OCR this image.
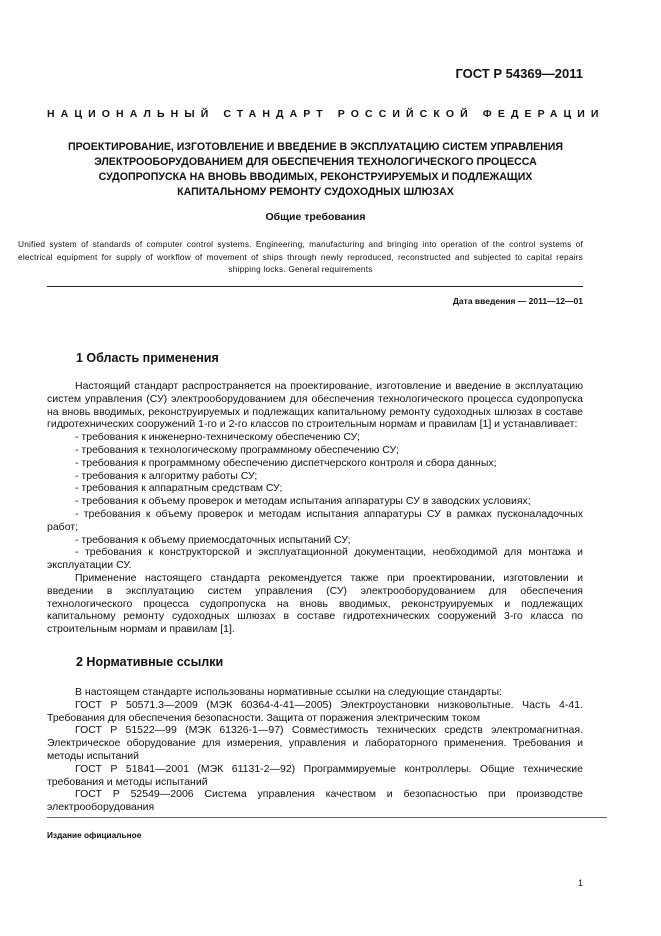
ГОСТ Р 54369—2011
НАЦИОНАЛЬНЫЙ СТАНДАРТ РОССИЙСКОЙ ФЕДЕРАЦИИ
ПРОЕКТИРОВАНИЕ, ИЗГОТОВЛЕНИЕ И ВВЕДЕНИЕ В ЭКСПЛУАТАЦИЮ СИСТЕМ УПРАВЛЕНИЯ
ЭЛЕКТРООБОРУДОВАНИЕМ ДЛЯ ОБЕСПЕЧЕНИЯ ТЕХНОЛОГИЧЕСКОГО ПРОЦЕССА
СУДОПРОПУСКА НА ВНОВЬ ВВОДИМЫХ, РЕКОНСТРУИРУЕМЫХ И ПОДЛЕЖАЩИХ
КАПИТАЛЬНОМУ РЕМОНТУ СУДОХОДНЫХ ШЛЮЗАХ
Общие требования
Unified system of standards of computer control systems. Engineering, manufacturing and bringing into operation of the control systems of electrical equipment for supply of workflow of movement of ships through newly reproduced, reconstructed and subjected to capital repairs shipping locks. General requirements
Дата введения — 2011—12—01
1 Область применения

Настоящий стандарт распространяется на проектирование, изготовление и введение в эксплуатацию систем управления (СУ) электрооборудованием для обеспечения технологического процесса судопропуска на вновь вводимых, реконструируемых и подлежащих капитальному ремонту судоходных шлюзах в составе гидротехнических сооружений 1-го и 2-го классов по строительным нормам и правилам [1] и устанавливает:

- требования к инженерно-техническому обеспечению СУ;

- требования к технологическому программному обеспечению СУ;

- требования к программному обеспечению диспетчерского контроля и сбора данных;

- требования к алгоритму работы СУ;

- требования к аппаратным средствам СУ;

- требования к объему проверок и методам испытания аппаратуры СУ в заводских условиях;

- требования к объему проверок и методам испытания аппаратуры СУ в рамках пусконаладочных работ;

- требования к объему приемосдаточных испытаний СУ;

- требования к конструкторской и эксплуатационной документации, необходимой для монтажа и эксплуатации СУ.

Применение настоящего стандарта рекомендуется также при проектировании, изготовлении и введении в эксплуатацию систем управления (СУ) электрооборудованием для обеспечения технологического процесса судопропуска на вновь вводимых, реконструируемых и подлежащих капитальному ремонту судоходных шлюзах в составе гидротехнических сооружений 3-го класса по строительным нормам и правилам [1].

2 Нормативные ссылки

В настоящем стандарте использованы нормативные ссылки на следующие стандарты:

ГОСТ Р 50571.3—2009 (МЭК 60364-4-41—2005) Электроустановки низковольтные. Часть 4-41. Требования для обеспечения безопасности. Защита от поражения электрическим током

ГОСТ Р 51522—99 (МЭК 61326-1—97) Совместимость технических средств электромагнитная. Электрическое оборудование для измерения, управления и лабораторного применения. Требования и методы испытаний

ГОСТ Р 51841—2001 (МЭК 61131-2—92) Программируемые контроллеры. Общие технические требования и методы испытаний

ГОСТ Р 52549—2006 Система управления качеством и безопасностью при производстве электрооборудования

Издание официальное
1
